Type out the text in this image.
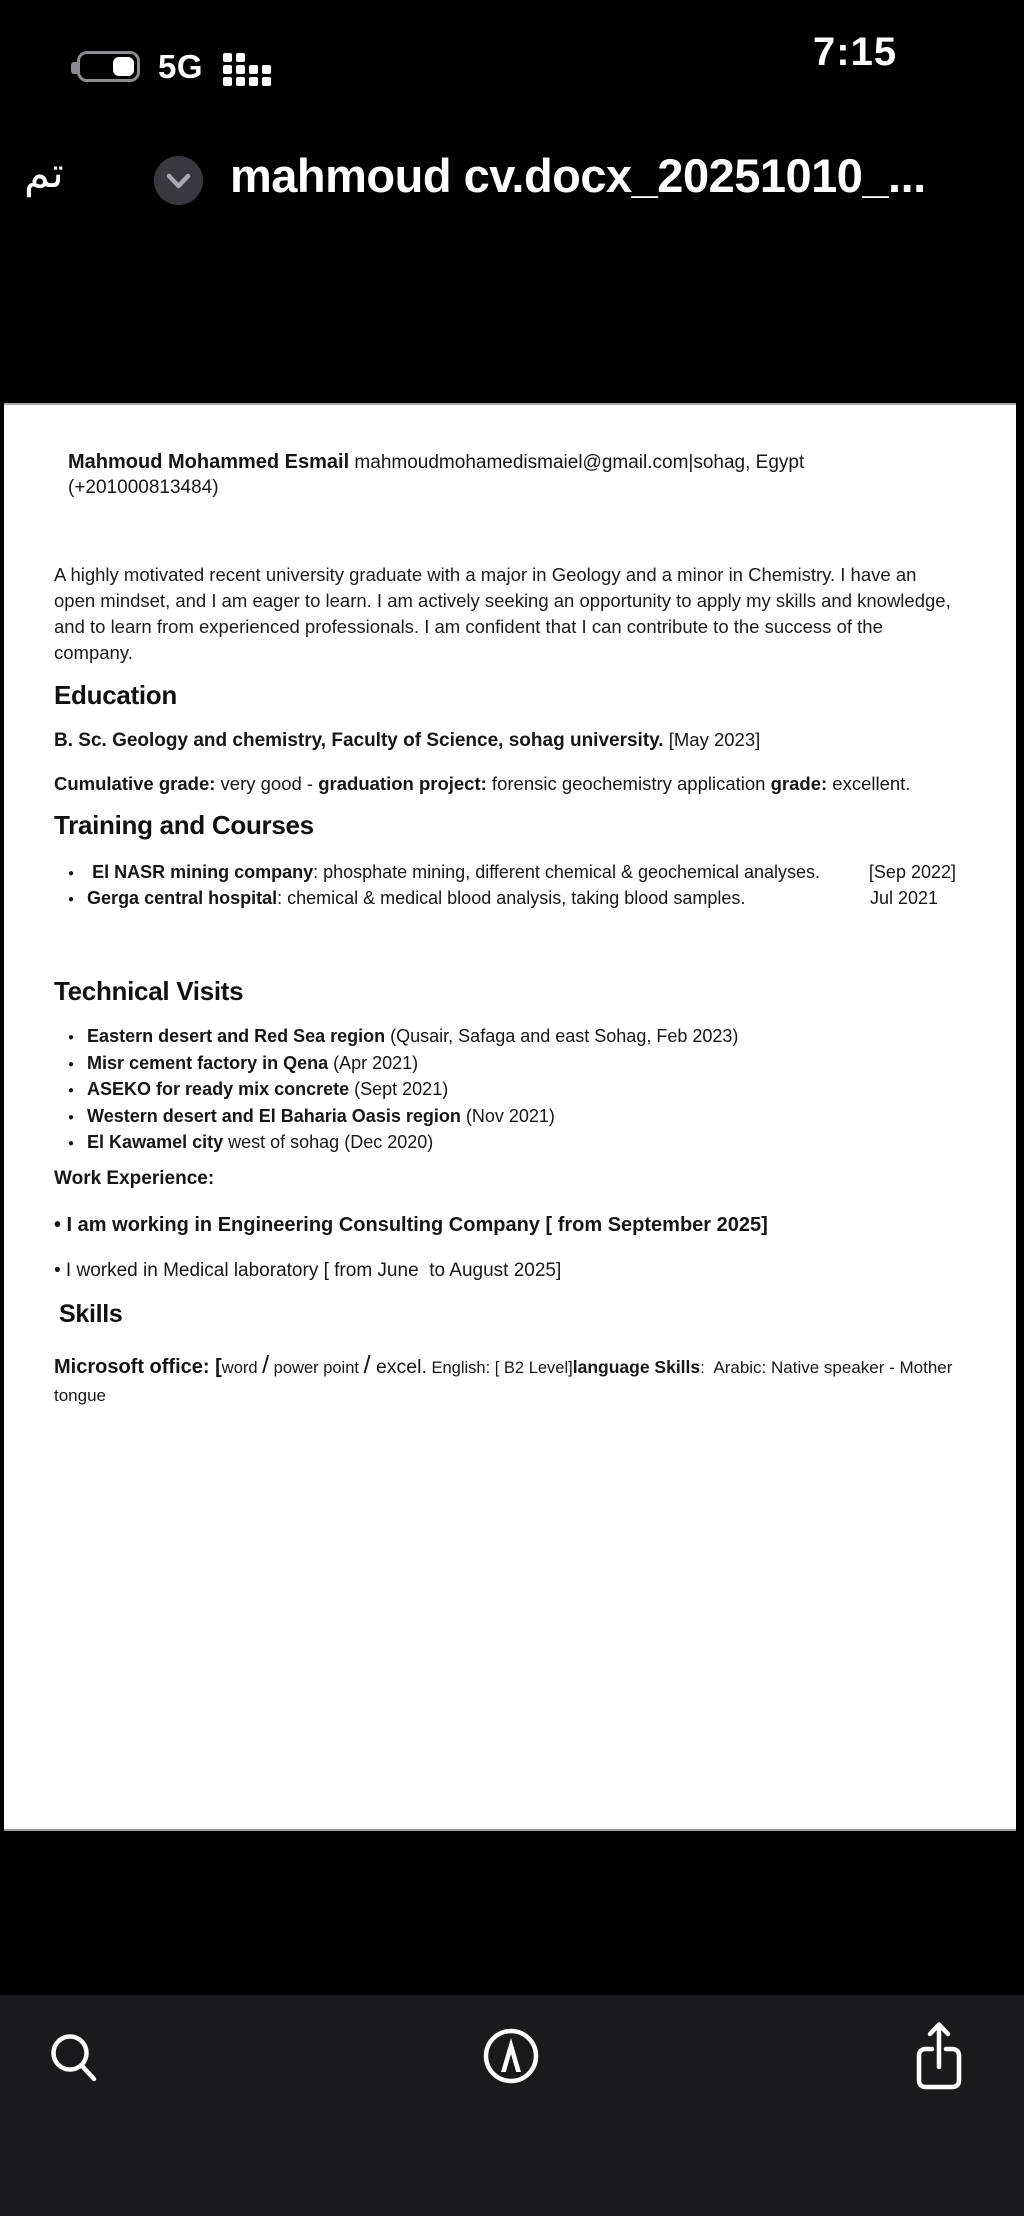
5G	7:15
تم	mahmoud cv.docx_20251010_...

Mahmoud Mohammed Esmail mahmoudmohamedismaiel@gmail.com|sohag, Egypt (+201000813484)

A highly motivated recent university graduate with a major in Geology and a minor in Chemistry. I have an open mindset, and I am eager to learn. I am actively seeking an opportunity to apply my skills and knowledge, and to learn from experienced professionals. I am confident that I can contribute to the success of the company.

Education

B. Sc. Geology and chemistry, Faculty of Science, sohag university. [May 2023]

Cumulative grade: very good - graduation project: forensic geochemistry application grade: excellent.

Training and Courses
●  El NASR mining company: phosphate mining, different chemical & geochemical analyses.	[Sep 2022]
● Gerga central hospital: chemical & medical blood analysis, taking blood samples.	Jul 2021
Technical Visits
● Eastern desert and Red Sea region (Qusair, Safaga and east Sohag, Feb 2023)
● Misr cement factory in Qena (Apr 2021)
● ASEKO for ready mix concrete (Sept 2021)
● Western desert and El Baharia Oasis region (Nov 2021)
● El Kawamel city west of sohag (Dec 2020)

Work Experience:

• I am working in Engineering Consulting Company [ from September 2025]

• I worked in Medical laboratory [ from June  to August 2025]

Skills

Microsoft office: [word / power point / excel. English: [ B2 Level]language Skills:  Arabic: Native speaker - Mother tongue
